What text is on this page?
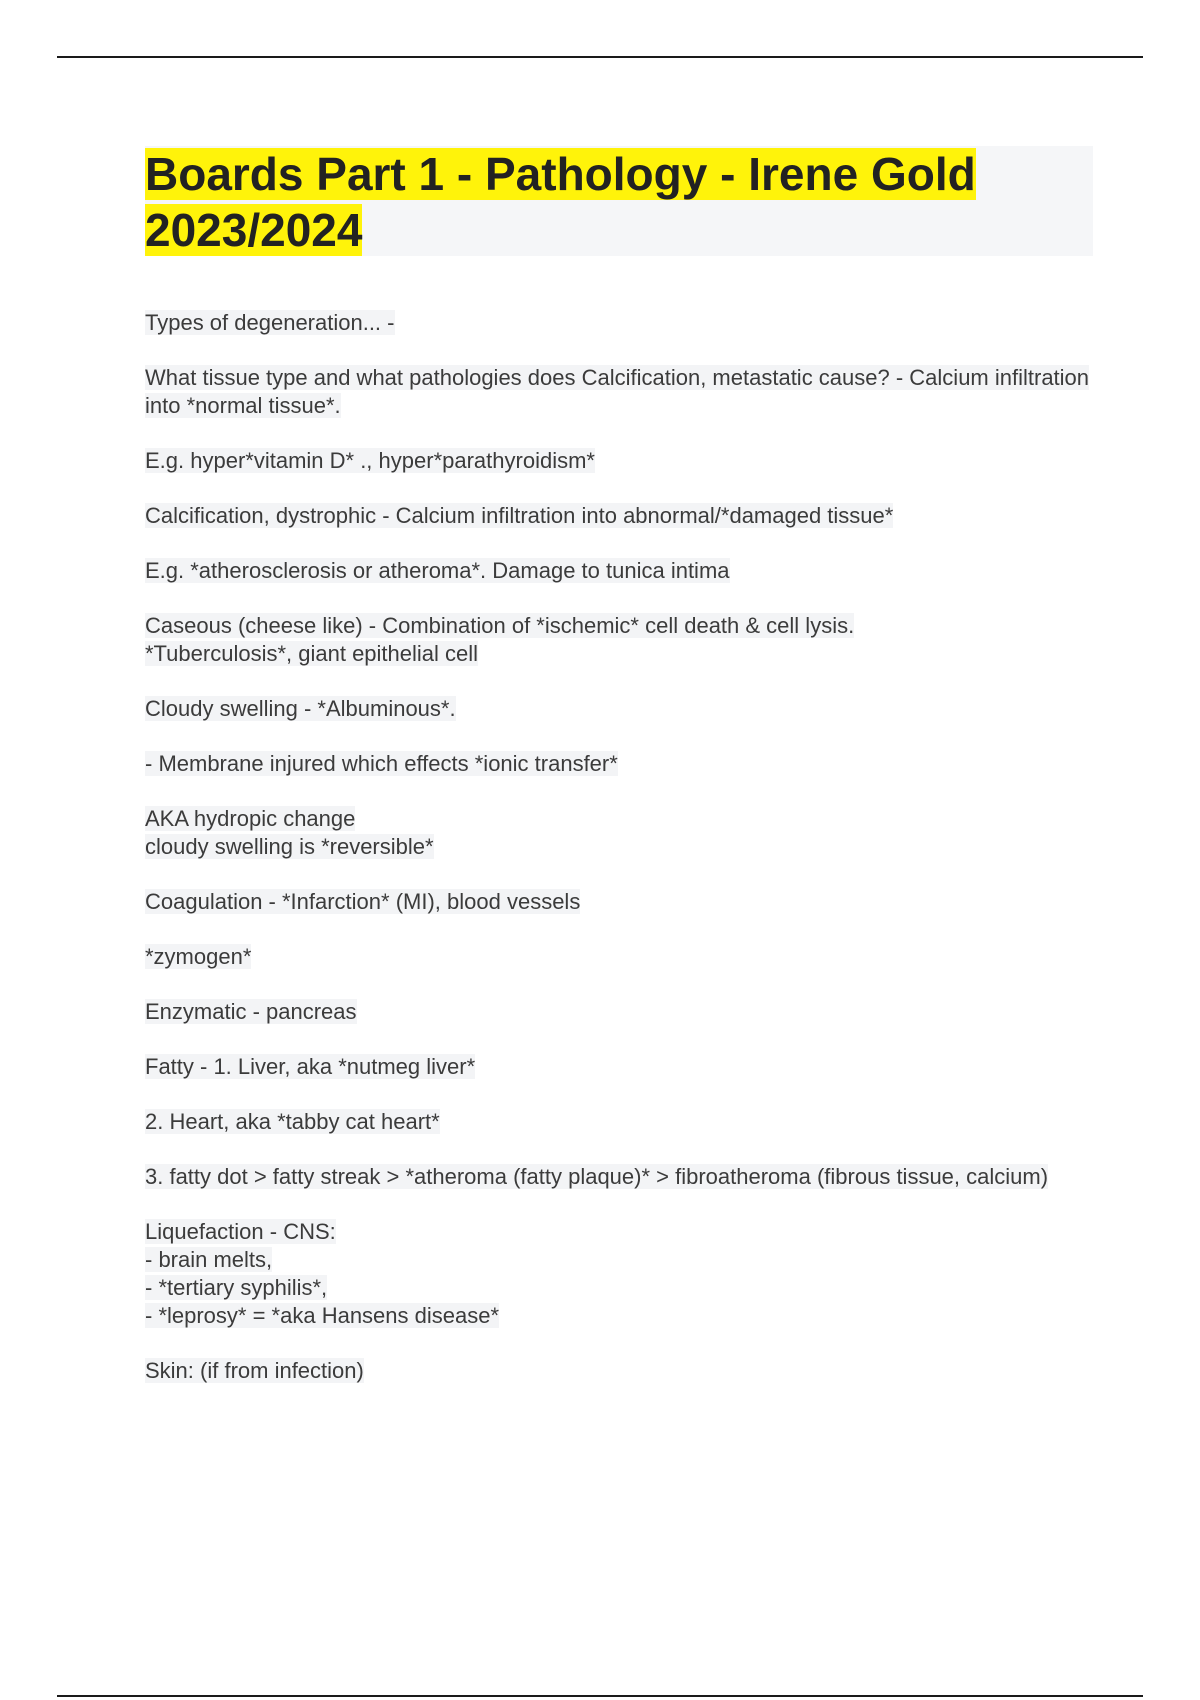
Boards Part 1 - Pathology - Irene Gold 2023/2024

Types of degeneration... -

What tissue type and what pathologies does Calcification, metastatic cause? - Calcium infiltration into *normal tissue*.

E.g. hyper*vitamin D* ., hyper*parathyroidism*

Calcification, dystrophic - Calcium infiltration into abnormal/*damaged tissue*

E.g. *atherosclerosis or atheroma*. Damage to tunica intima

Caseous (cheese like) - Combination of *ischemic* cell death & cell lysis.
*Tuberculosis*, giant epithelial cell

Cloudy swelling - *Albuminous*.

- Membrane injured which effects *ionic transfer*

AKA hydropic change
cloudy swelling is *reversible*

Coagulation - *Infarction* (MI), blood vessels

*zymogen*

Enzymatic - pancreas

Fatty - 1. Liver, aka *nutmeg liver*

2. Heart, aka *tabby cat heart*

3. fatty dot > fatty streak > *atheroma (fatty plaque)* > fibroatheroma (fibrous tissue, calcium)

Liquefaction - CNS:
- brain melts,
- *tertiary syphilis*,
- *leprosy* = *aka Hansens disease*

Skin: (if from infection)
